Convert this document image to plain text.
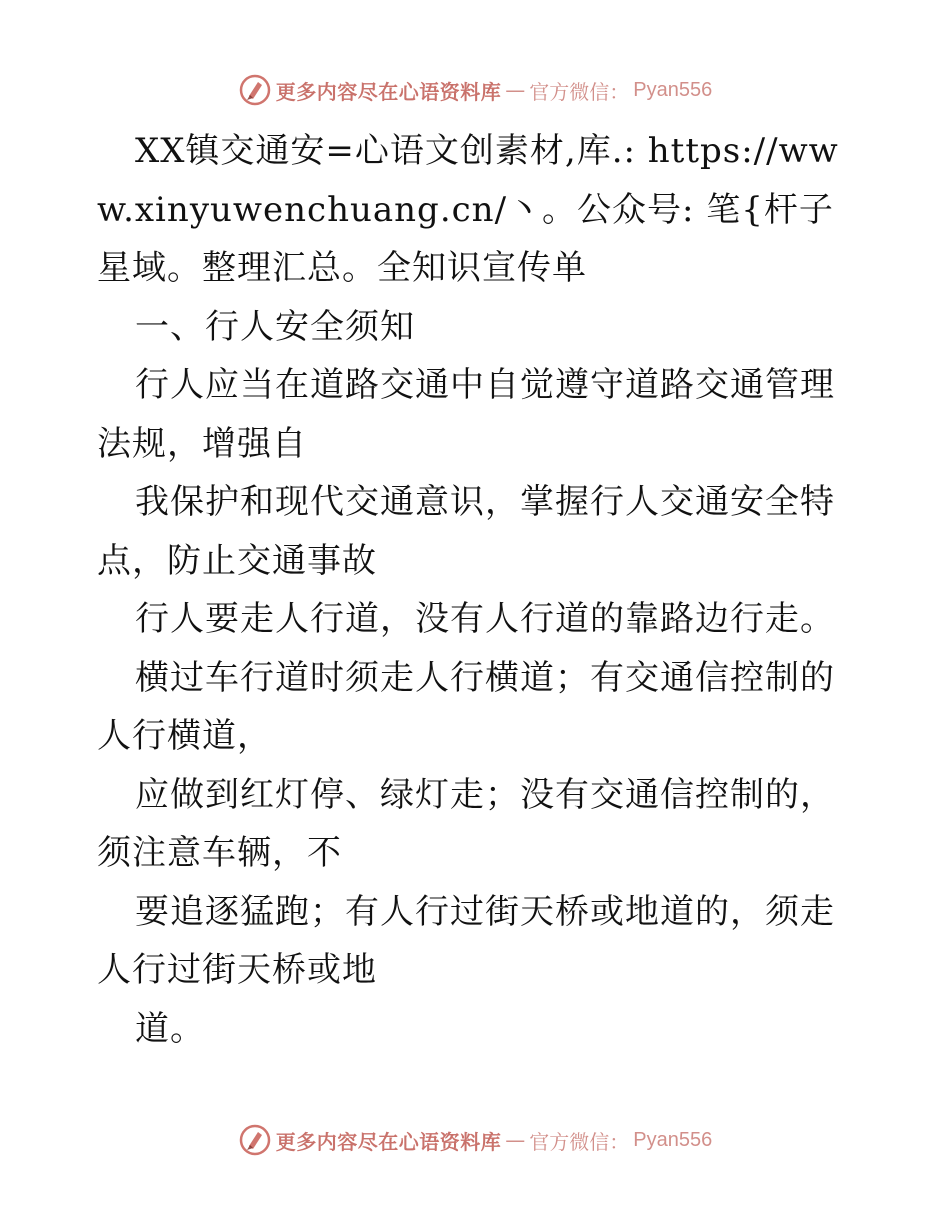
更多内容尽在心语资料库 — 官方微信： Pyan556

XX镇交通安=心语文创素材,库.: https://www.xinyuwenchuang.cn/丶。公众号: 笔{杆子星域。整理汇总。全知识宣传单

一、行人安全须知

行人应当在道路交通中自觉遵守道路交通管理法规，增强自

我保护和现代交通意识，掌握行人交通安全特点，防止交通事故

行人要走人行道，没有人行道的靠路边行走。

横过车行道时须走人行横道；有交通信控制的人行横道，

应做到红灯停、绿灯走；没有交通信控制的，须注意车辆，不

要追逐猛跑；有人行过街天桥或地道的，须走人行过街天桥或地

道。

更多内容尽在心语资料库 — 官方微信： Pyan556
